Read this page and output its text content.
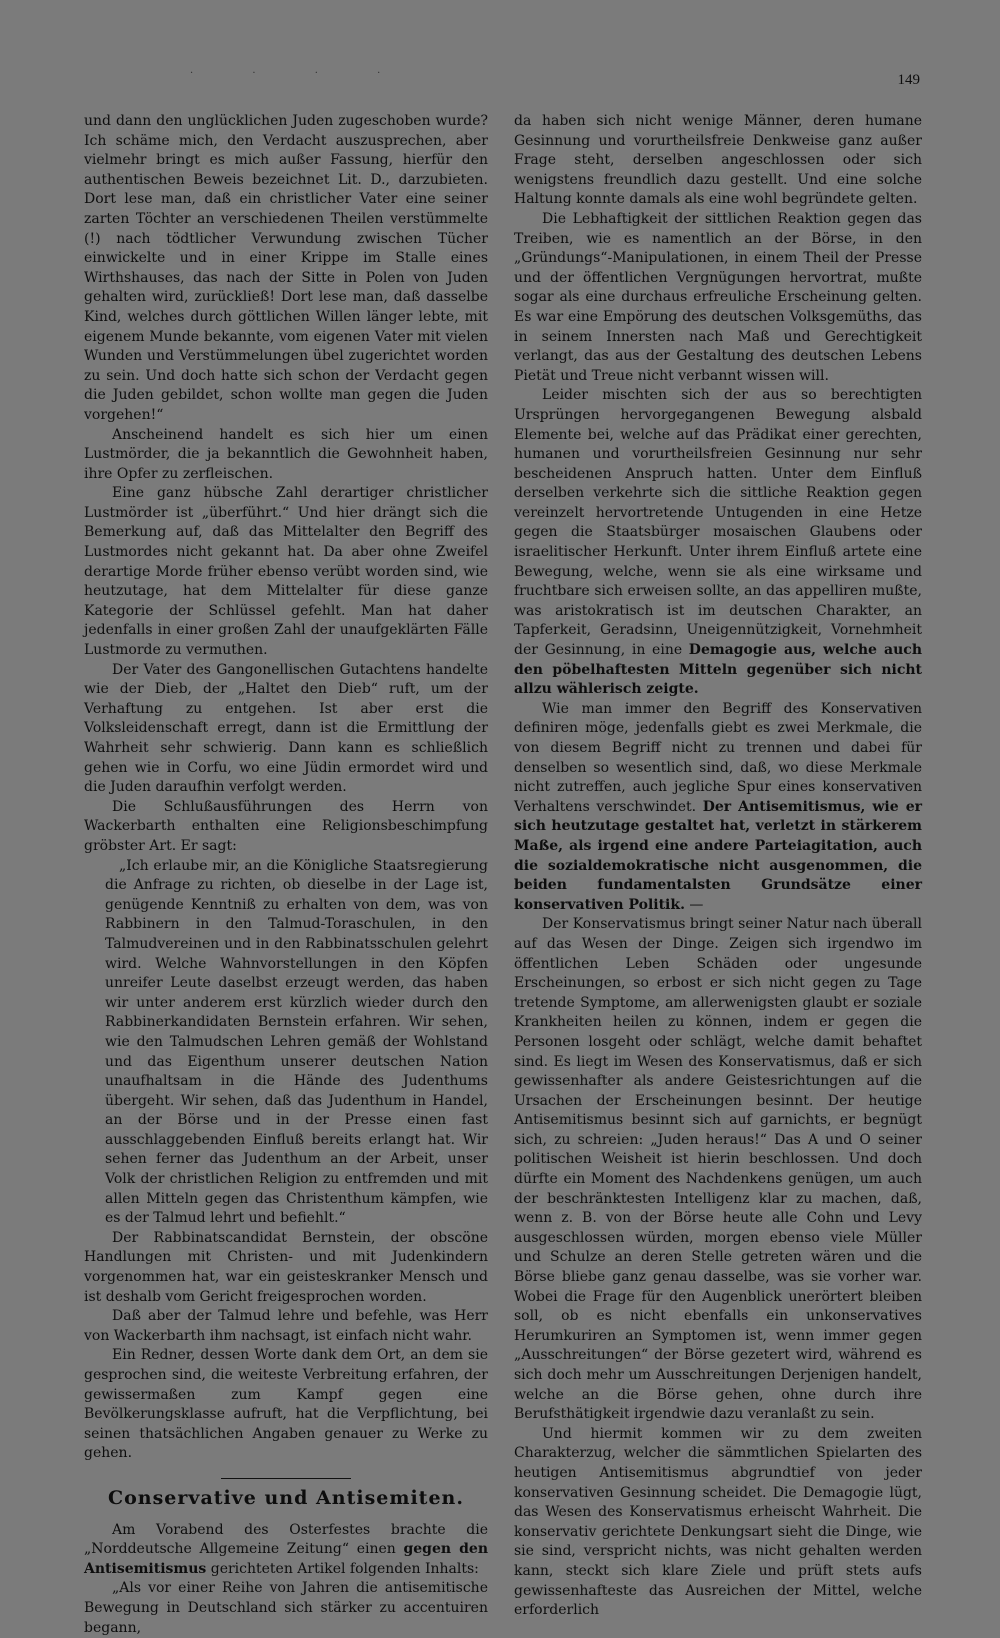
· · · ·	149

und dann den unglücklichen Juden zugeschoben wurde? Ich schäme mich, den Verdacht auszusprechen, aber vielmehr bringt es mich außer Fassung, hierfür den authentischen Beweis bezeichnet Lit. D., darzubieten. Dort lese man, daß ein christlicher Vater eine seiner zarten Töchter an verschiedenen Theilen verstümmelte (!) nach tödtlicher Verwundung zwischen Tücher einwickelte und in einer Krippe im Stalle eines Wirthshauses, das nach der Sitte in Polen von Juden gehalten wird, zurückließ! Dort lese man, daß dasselbe Kind, welches durch göttlichen Willen länger lebte, mit eigenem Munde bekannte, vom eigenen Vater mit vielen Wunden und Verstümmelungen übel zugerichtet worden zu sein. Und doch hatte sich schon der Verdacht gegen die Juden gebildet, schon wollte man gegen die Juden vorgehen!“

Anscheinend handelt es sich hier um einen Lustmörder, die ja bekanntlich die Gewohnheit haben, ihre Opfer zu zerfleischen.

Eine ganz hübsche Zahl derartiger christlicher Lustmörder ist „überführt.“ Und hier drängt sich die Bemerkung auf, daß das Mittelalter den Begriff des Lustmordes nicht gekannt hat. Da aber ohne Zweifel derartige Morde früher ebenso verübt worden sind, wie heutzutage, hat dem Mittelalter für diese ganze Kategorie der Schlüssel gefehlt. Man hat daher jedenfalls in einer großen Zahl der unaufgeklärten Fälle Lustmorde zu vermuthen.

Der Vater des Gangonellischen Gutachtens handelte wie der Dieb, der „Haltet den Dieb“ ruft, um der Verhaftung zu entgehen. Ist aber erst die Volksleidenschaft erregt, dann ist die Ermittlung der Wahrheit sehr schwierig. Dann kann es schließlich gehen wie in Corfu, wo eine Jüdin ermordet wird und die Juden daraufhin verfolgt werden.

Die Schlußausführungen des Herrn von Wackerbarth enthalten eine Religionsbeschimpfung gröbster Art. Er sagt:

„Ich erlaube mir, an die Königliche Staatsregierung die Anfrage zu richten, ob dieselbe in der Lage ist, genügende Kenntniß zu erhalten von dem, was von Rabbinern in den Talmud-Toraschulen, in den Talmudvereinen und in den Rabbinatsschulen gelehrt wird. Welche Wahnvorstellungen in den Köpfen unreifer Leute daselbst erzeugt werden, das haben wir unter anderem erst kürzlich wieder durch den Rabbinerkandidaten Bernstein erfahren. Wir sehen, wie den Talmudschen Lehren gemäß der Wohlstand und das Eigenthum unserer deutschen Nation unaufhaltsam in die Hände des Judenthums übergeht. Wir sehen, daß das Judenthum in Handel, an der Börse und in der Presse einen fast ausschlaggebenden Einfluß bereits erlangt hat. Wir sehen ferner das Judenthum an der Arbeit, unser Volk der christlichen Religion zu entfremden und mit allen Mitteln gegen das Christenthum kämpfen, wie es der Talmud lehrt und befiehlt.“

Der Rabbinatscandidat Bernstein, der obscöne Handlungen mit Christen- und mit Judenkindern vorgenommen hat, war ein geisteskranker Mensch und ist deshalb vom Gericht freigesprochen worden.

Daß aber der Talmud lehre und befehle, was Herr von Wackerbarth ihm nachsagt, ist einfach nicht wahr.

Ein Redner, dessen Worte dank dem Ort, an dem sie gesprochen sind, die weiteste Verbreitung erfahren, der gewissermaßen zum Kampf gegen eine Bevölkerungsklasse aufruft, hat die Verpflichtung, bei seinen thatsächlichen Angaben genauer zu Werke zu gehen.

Conservative und Antisemiten.

Am Vorabend des Osterfestes brachte die „Norddeutsche Allgemeine Zeitung“ einen gegen den Antisemitismus gerichteten Artikel folgenden Inhalts:

„Als vor einer Reihe von Jahren die antisemitische Bewegung in Deutschland sich stärker zu accentuiren begann,

da haben sich nicht wenige Männer, deren humane Gesinnung und vorurtheilsfreie Denkweise ganz außer Frage steht, derselben angeschlossen oder sich wenigstens freundlich dazu gestellt. Und eine solche Haltung konnte damals als eine wohl begründete gelten.

Die Lebhaftigkeit der sittlichen Reaktion gegen das Treiben, wie es namentlich an der Börse, in den „Gründungs“-Manipulationen, in einem Theil der Presse und der öffentlichen Vergnügungen hervortrat, mußte sogar als eine durchaus erfreuliche Erscheinung gelten. Es war eine Empörung des deutschen Volksgemüths, das in seinem Innersten nach Maß und Gerechtigkeit verlangt, das aus der Gestaltung des deutschen Lebens Pietät und Treue nicht verbannt wissen will.

Leider mischten sich der aus so berechtigten Ursprüngen hervorgegangenen Bewegung alsbald Elemente bei, welche auf das Prädikat einer gerechten, humanen und vorurtheilsfreien Gesinnung nur sehr bescheidenen Anspruch hatten. Unter dem Einfluß derselben verkehrte sich die sittliche Reaktion gegen vereinzelt hervortretende Untugenden in eine Hetze gegen die Staatsbürger mosaischen Glaubens oder israelitischer Herkunft. Unter ihrem Einfluß artete eine Bewegung, welche, wenn sie als eine wirksame und fruchtbare sich erweisen sollte, an das appelliren mußte, was aristokratisch ist im deutschen Charakter, an Tapferkeit, Geradsinn, Uneigennützigkeit, Vornehmheit der Gesinnung, in eine Demagogie aus, welche auch den pöbelhaftesten Mitteln gegenüber sich nicht allzu wählerisch zeigte.

Wie man immer den Begriff des Konservativen definiren möge, jedenfalls giebt es zwei Merkmale, die von diesem Begriff nicht zu trennen und dabei für denselben so wesentlich sind, daß, wo diese Merkmale nicht zutreffen, auch jegliche Spur eines konservativen Verhaltens verschwindet. Der Antisemitismus, wie er sich heutzutage gestaltet hat, verletzt in stärkerem Maße, als irgend eine andere Parteiagitation, auch die sozialdemokratische nicht ausgenommen, die beiden fundamentalsten Grundsätze einer konservativen Politik. —

Der Konservatismus bringt seiner Natur nach überall auf das Wesen der Dinge. Zeigen sich irgendwo im öffentlichen Leben Schäden oder ungesunde Erscheinungen, so erbost er sich nicht gegen zu Tage tretende Symptome, am allerwenigsten glaubt er soziale Krankheiten heilen zu können, indem er gegen die Personen losgeht oder schlägt, welche damit behaftet sind. Es liegt im Wesen des Konservatismus, daß er sich gewissenhafter als andere Geistesrichtungen auf die Ursachen der Erscheinungen besinnt. Der heutige Antisemitismus besinnt sich auf garnichts, er begnügt sich, zu schreien: „Juden heraus!“ Das A und O seiner politischen Weisheit ist hierin beschlossen. Und doch dürfte ein Moment des Nachdenkens genügen, um auch der beschränktesten Intelligenz klar zu machen, daß, wenn z. B. von der Börse heute alle Cohn und Levy ausgeschlossen würden, morgen ebenso viele Müller und Schulze an deren Stelle getreten wären und die Börse bliebe ganz genau dasselbe, was sie vorher war. Wobei die Frage für den Augenblick unerörtert bleiben soll, ob es nicht ebenfalls ein unkonservatives Herumkuriren an Symptomen ist, wenn immer gegen „Ausschreitungen“ der Börse gezetert wird, während es sich doch mehr um Ausschreitungen Derjenigen handelt, welche an die Börse gehen, ohne durch ihre Berufsthätigkeit irgendwie dazu veranlaßt zu sein.

Und hiermit kommen wir zu dem zweiten Charakterzug, welcher die sämmtlichen Spielarten des heutigen Antisemitismus abgrundtief von jeder konservativen Gesinnung scheidet. Die Demagogie lügt, das Wesen des Konservatismus erheischt Wahrheit. Die konservativ gerichtete Denkungsart sieht die Dinge, wie sie sind, verspricht nichts, was nicht gehalten werden kann, steckt sich klare Ziele und prüft stets aufs gewissenhafteste das Ausreichen der Mittel, welche erforderlich
